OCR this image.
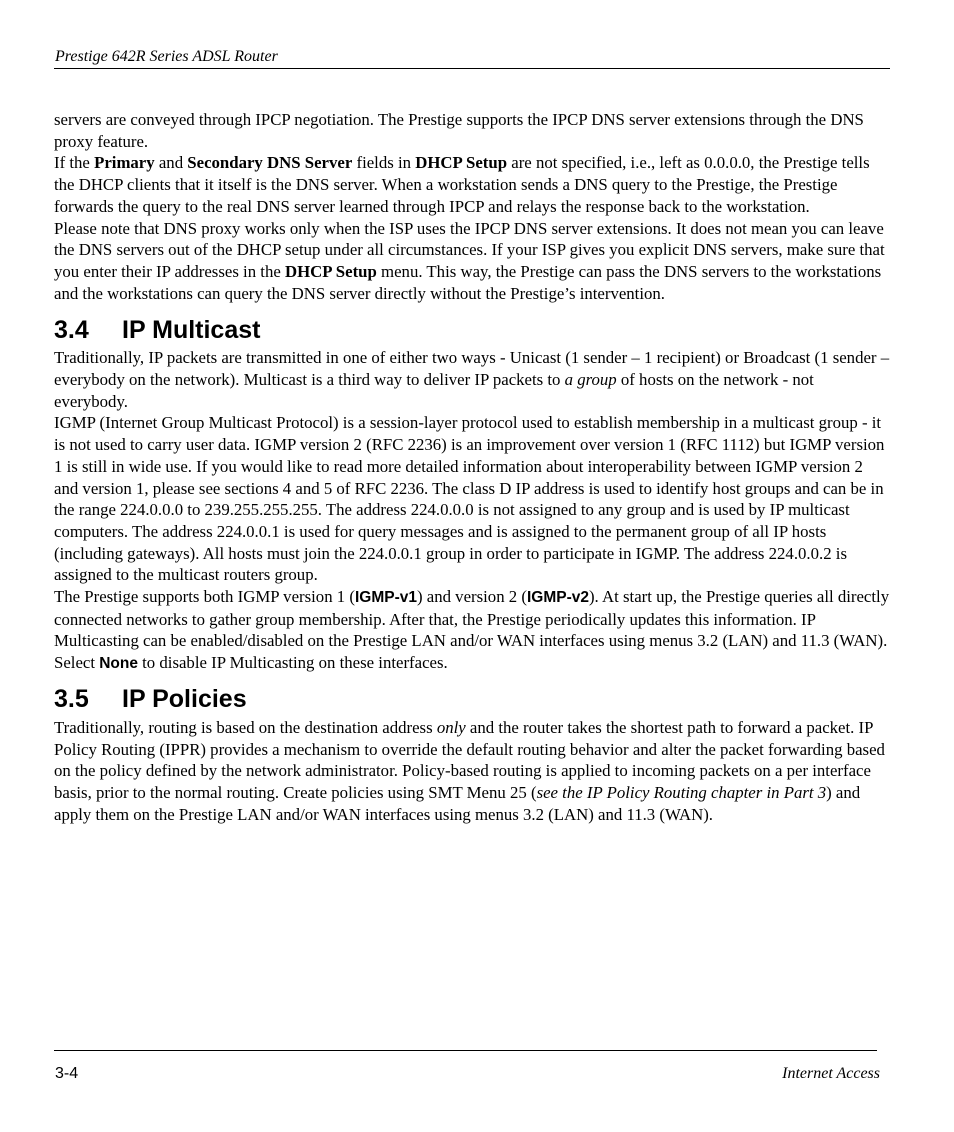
Prestige 642R Series ADSL Router

servers are conveyed through IPCP negotiation. The Prestige supports the IPCP DNS server extensions through the DNS proxy feature.

If the Primary and Secondary DNS Server fields in DHCP Setup are not specified, i.e., left as 0.0.0.0, the Prestige tells the DHCP clients that it itself is the DNS server. When a workstation sends a DNS query to the Prestige, the Prestige forwards the query to the real DNS server learned through IPCP and relays the response back to the workstation.

Please note that DNS proxy works only when the ISP uses the IPCP DNS server extensions. It does not mean you can leave the DNS servers out of the DHCP setup under all circumstances. If your ISP gives you explicit DNS servers, make sure that you enter their IP addresses in the DHCP Setup menu. This way, the Prestige can pass the DNS servers to the workstations and the workstations can query the DNS server directly without the Prestige’s intervention.

3.4 IP Multicast

Traditionally, IP packets are transmitted in one of either two ways - Unicast (1 sender – 1 recipient) or Broadcast (1 sender – everybody on the network). Multicast is a third way to deliver IP packets to a group of hosts on the network - not everybody.

IGMP (Internet Group Multicast Protocol) is a session-layer protocol used to establish membership in a multicast group - it is not used to carry user data. IGMP version 2 (RFC 2236) is an improvement over version 1 (RFC 1112) but IGMP version 1 is still in wide use. If you would like to read more detailed information about interoperability between IGMP version 2 and version 1, please see sections 4 and 5 of RFC 2236. The class D IP address is used to identify host groups and can be in the range 224.0.0.0 to 239.255.255.255. The address 224.0.0.0 is not assigned to any group and is used by IP multicast computers. The address 224.0.0.1 is used for query messages and is assigned to the permanent group of all IP hosts (including gateways). All hosts must join the 224.0.0.1 group in order to participate in IGMP. The address 224.0.0.2 is assigned to the multicast routers group.

The Prestige supports both IGMP version 1 (IGMP-v1) and version 2 (IGMP-v2). At start up, the Prestige queries all directly connected networks to gather group membership. After that, the Prestige periodically updates this information. IP Multicasting can be enabled/disabled on the Prestige LAN and/or WAN interfaces using menus 3.2 (LAN) and 11.3 (WAN). Select None to disable IP Multicasting on these interfaces.

3.5 IP Policies

Traditionally, routing is based on the destination address only and the router takes the shortest path to forward a packet. IP Policy Routing (IPPR) provides a mechanism to override the default routing behavior and alter the packet forwarding based on the policy defined by the network administrator. Policy-based routing is applied to incoming packets on a per interface basis, prior to the normal routing. Create policies using SMT Menu 25 (see the IP Policy Routing chapter in Part 3) and apply them on the Prestige LAN and/or WAN interfaces using menus 3.2 (LAN) and 11.3 (WAN).

3-4	Internet Access
